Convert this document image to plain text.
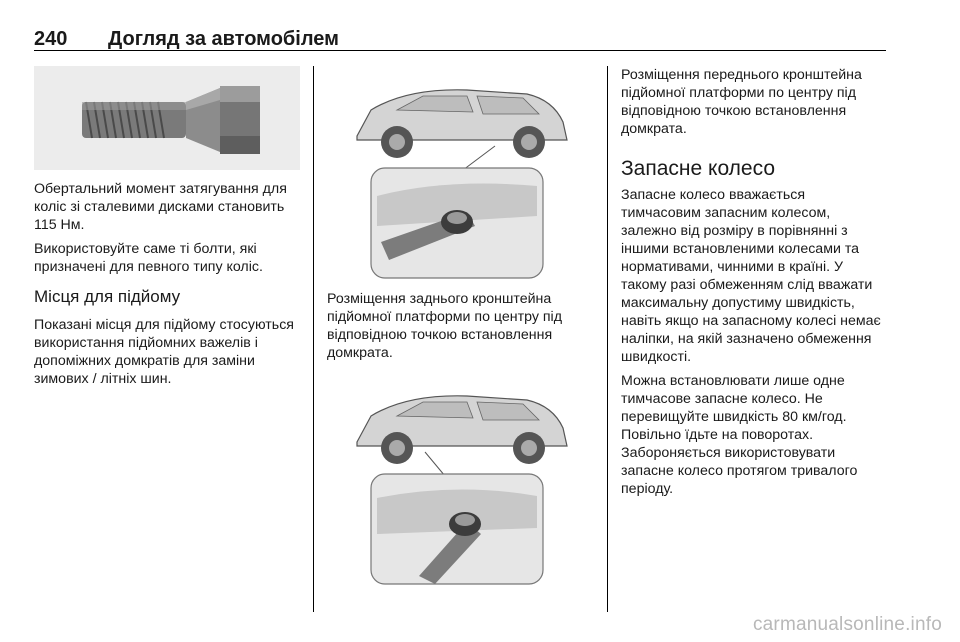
240 Догляд за автомобілем

Обертальний момент затягування для коліс зі сталевими дисками становить 115 Нм.

Використовуйте саме ті болти, які призначені для певного типу коліс.

Місця для підйому

Показані місця для підйому стосуються використання підйомних важелів і допоміжних домкратів для заміни зимових / літніх шин.

Розміщення заднього кронштейна підйомної платформи по центру під відповідною точкою встановлення домкрата.

Розміщення переднього кронштейна підйомної платформи по центру під відповідною точкою встановлення домкрата.

Запасне колесо

Запасне колесо вважається тимчасовим запасним колесом, залежно від розміру в порівнянні з іншими встановленими колесами та нормативами, чинними в країні. У такому разі обмеженням слід вважати максимальну допустиму швидкість, навіть якщо на запасному колесі немає наліпки, на якій зазначено обмеження швидкості.

Можна встановлювати лише одне тимчасове запасне колесо. Не перевищуйте швидкість 80 км/год. Повільно їдьте на поворотах. Забороняється використовувати запасне колесо протягом тривалого періоду.

carmanualsonline.info
